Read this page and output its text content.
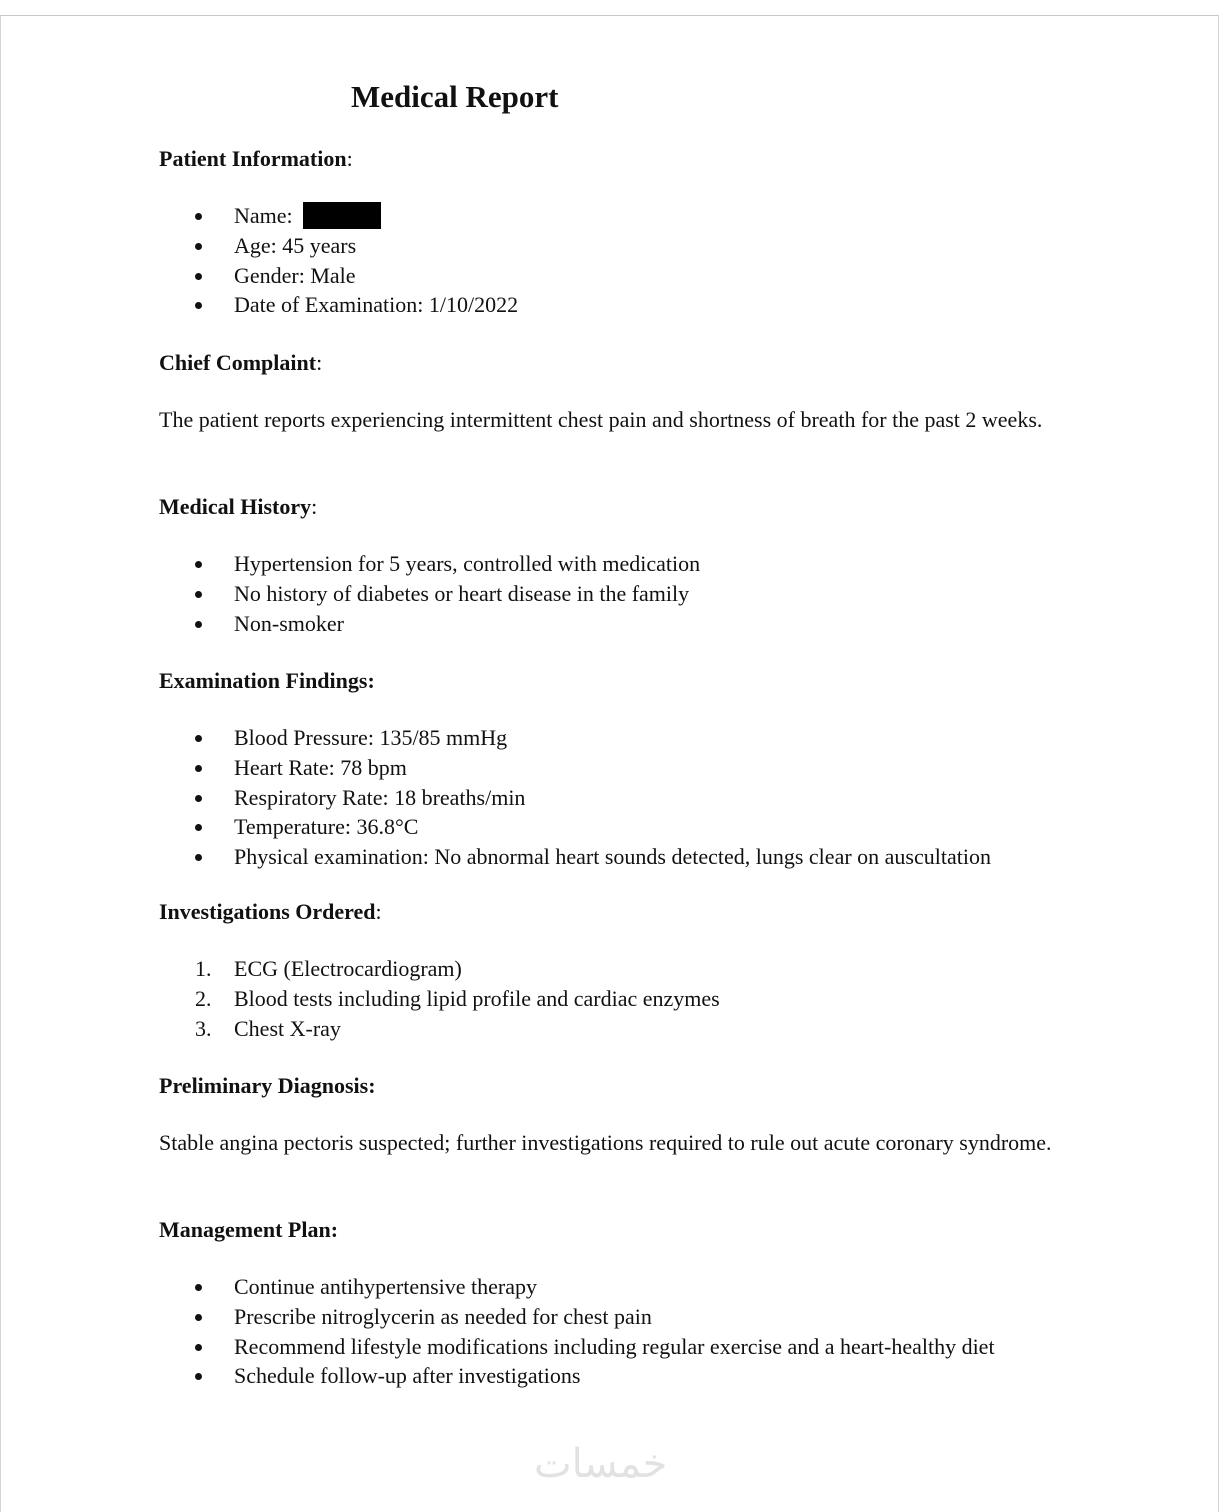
Medical Report
Patient Information:
Name:
Age: 45 years
Gender: Male
Date of Examination: 1/10/2022
Chief Complaint:

The patient reports experiencing intermittent chest pain and shortness of breath for the past 2 weeks.

Medical History:
Hypertension for 5 years, controlled with medication
No history of diabetes or heart disease in the family
Non-smoker
Examination Findings:
Blood Pressure: 135/85 mmHg
Heart Rate: 78 bpm
Respiratory Rate: 18 breaths/min
Temperature: 36.8°C
Physical examination: No abnormal heart sounds detected, lungs clear on auscultation
Investigations Ordered:
1. ECG (Electrocardiogram)
2. Blood tests including lipid profile and cardiac enzymes
3. Chest X-ray
Preliminary Diagnosis:

Stable angina pectoris suspected; further investigations required to rule out acute coronary syndrome.

Management Plan:
Continue antihypertensive therapy
Prescribe nitroglycerin as needed for chest pain
Recommend lifestyle modifications including regular exercise and a heart-healthy diet
Schedule follow-up after investigations
خمسات
